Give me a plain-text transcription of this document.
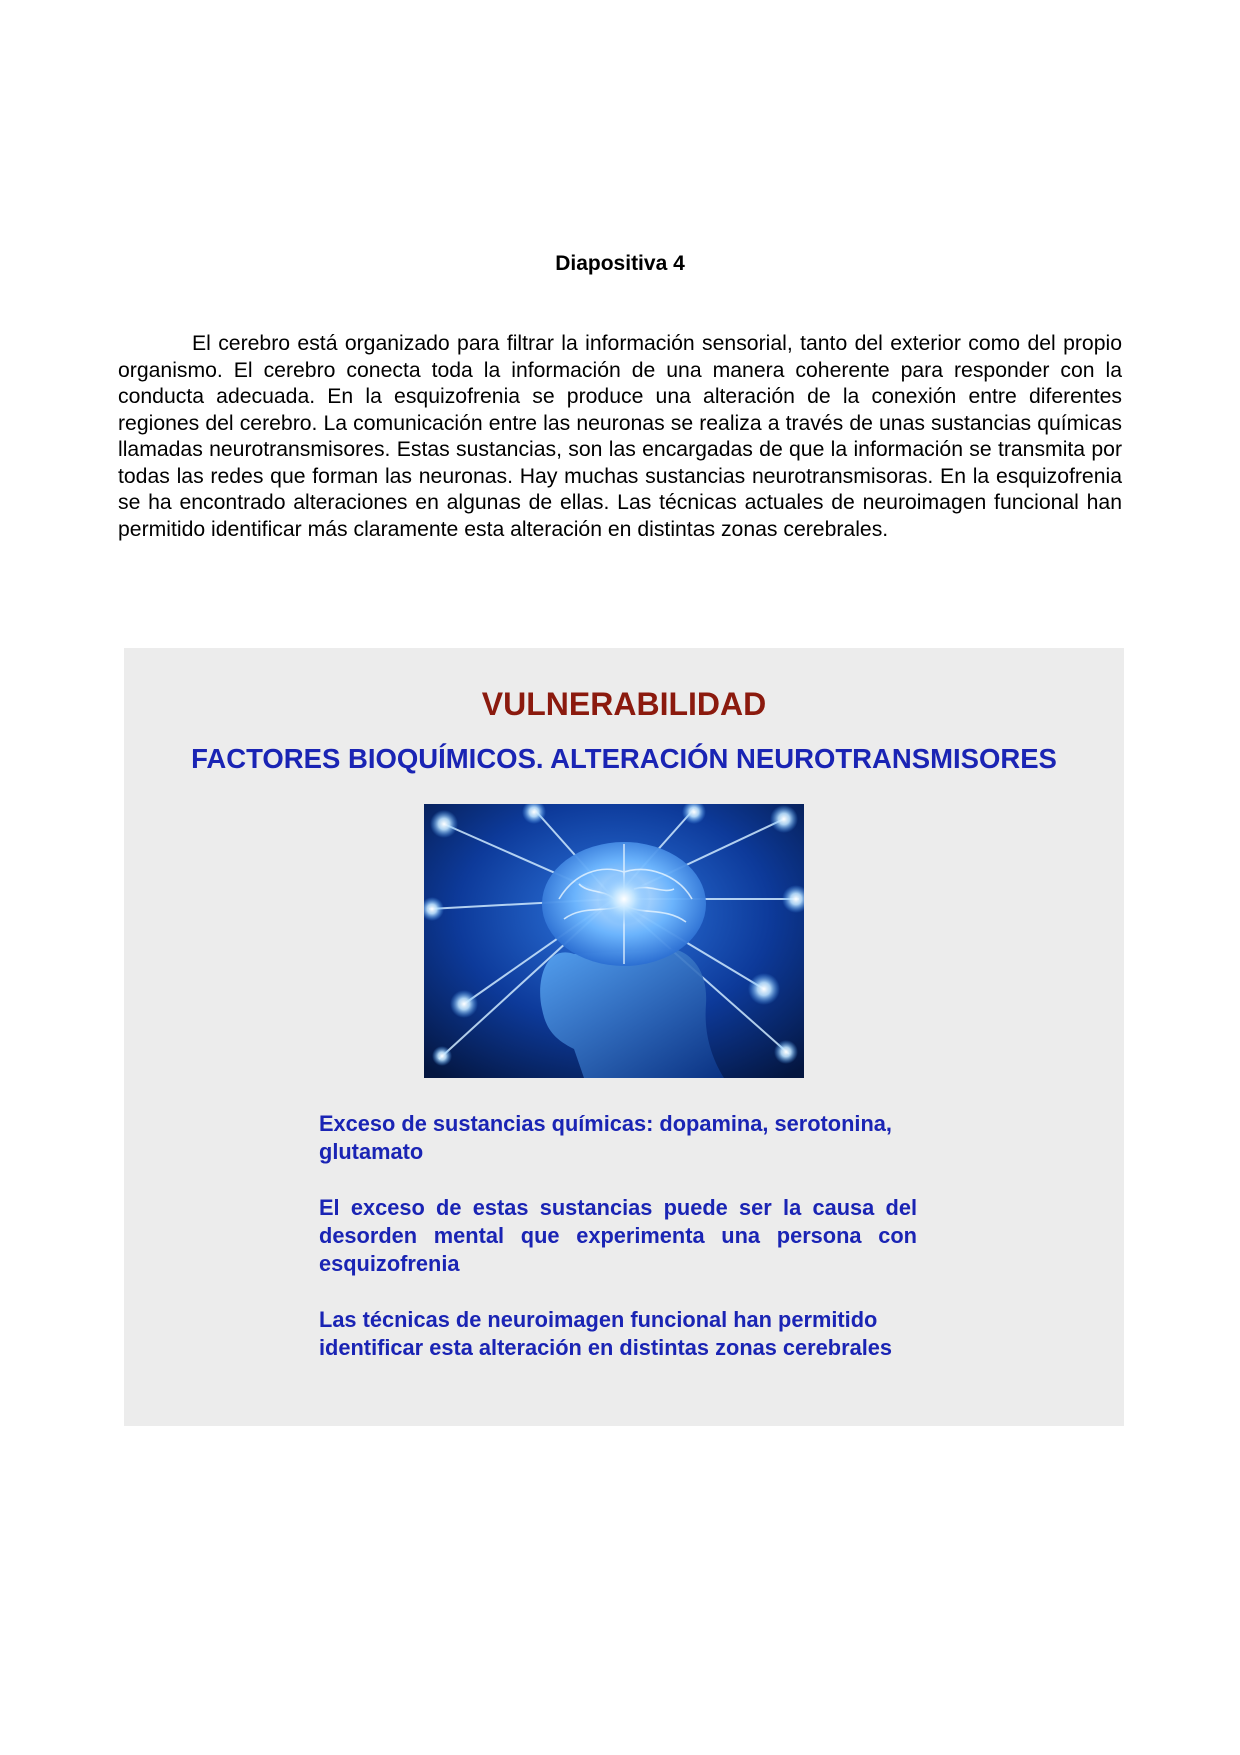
Diapositiva 4

El cerebro está organizado para filtrar la información sensorial, tanto del exterior como del propio organismo. El cerebro conecta toda la información de una manera coherente para responder con la conducta adecuada. En la esquizofrenia se produce una alteración de la conexión entre diferentes regiones del cerebro. La comunicación entre las neuronas se realiza a través de unas sustancias químicas llamadas neurotransmisores. Estas sustancias, son las encargadas de que la información se transmita por todas las redes que forman las neuronas. Hay muchas sustancias neurotransmisoras. En la esquizofrenia se ha encontrado alteraciones en algunas de ellas. Las técnicas actuales de neuroimagen funcional han permitido identificar más claramente esta alteración en distintas zonas cerebrales.

VULNERABILIDAD
FACTORES BIOQUÍMICOS. ALTERACIÓN NEUROTRANSMISORES

Exceso de sustancias químicas: dopamina, serotonina, glutamato

El exceso de estas sustancias puede ser la causa del desorden mental que experimenta una persona con esquizofrenia

Las técnicas de neuroimagen funcional han permitido identificar esta alteración en distintas zonas cerebrales
